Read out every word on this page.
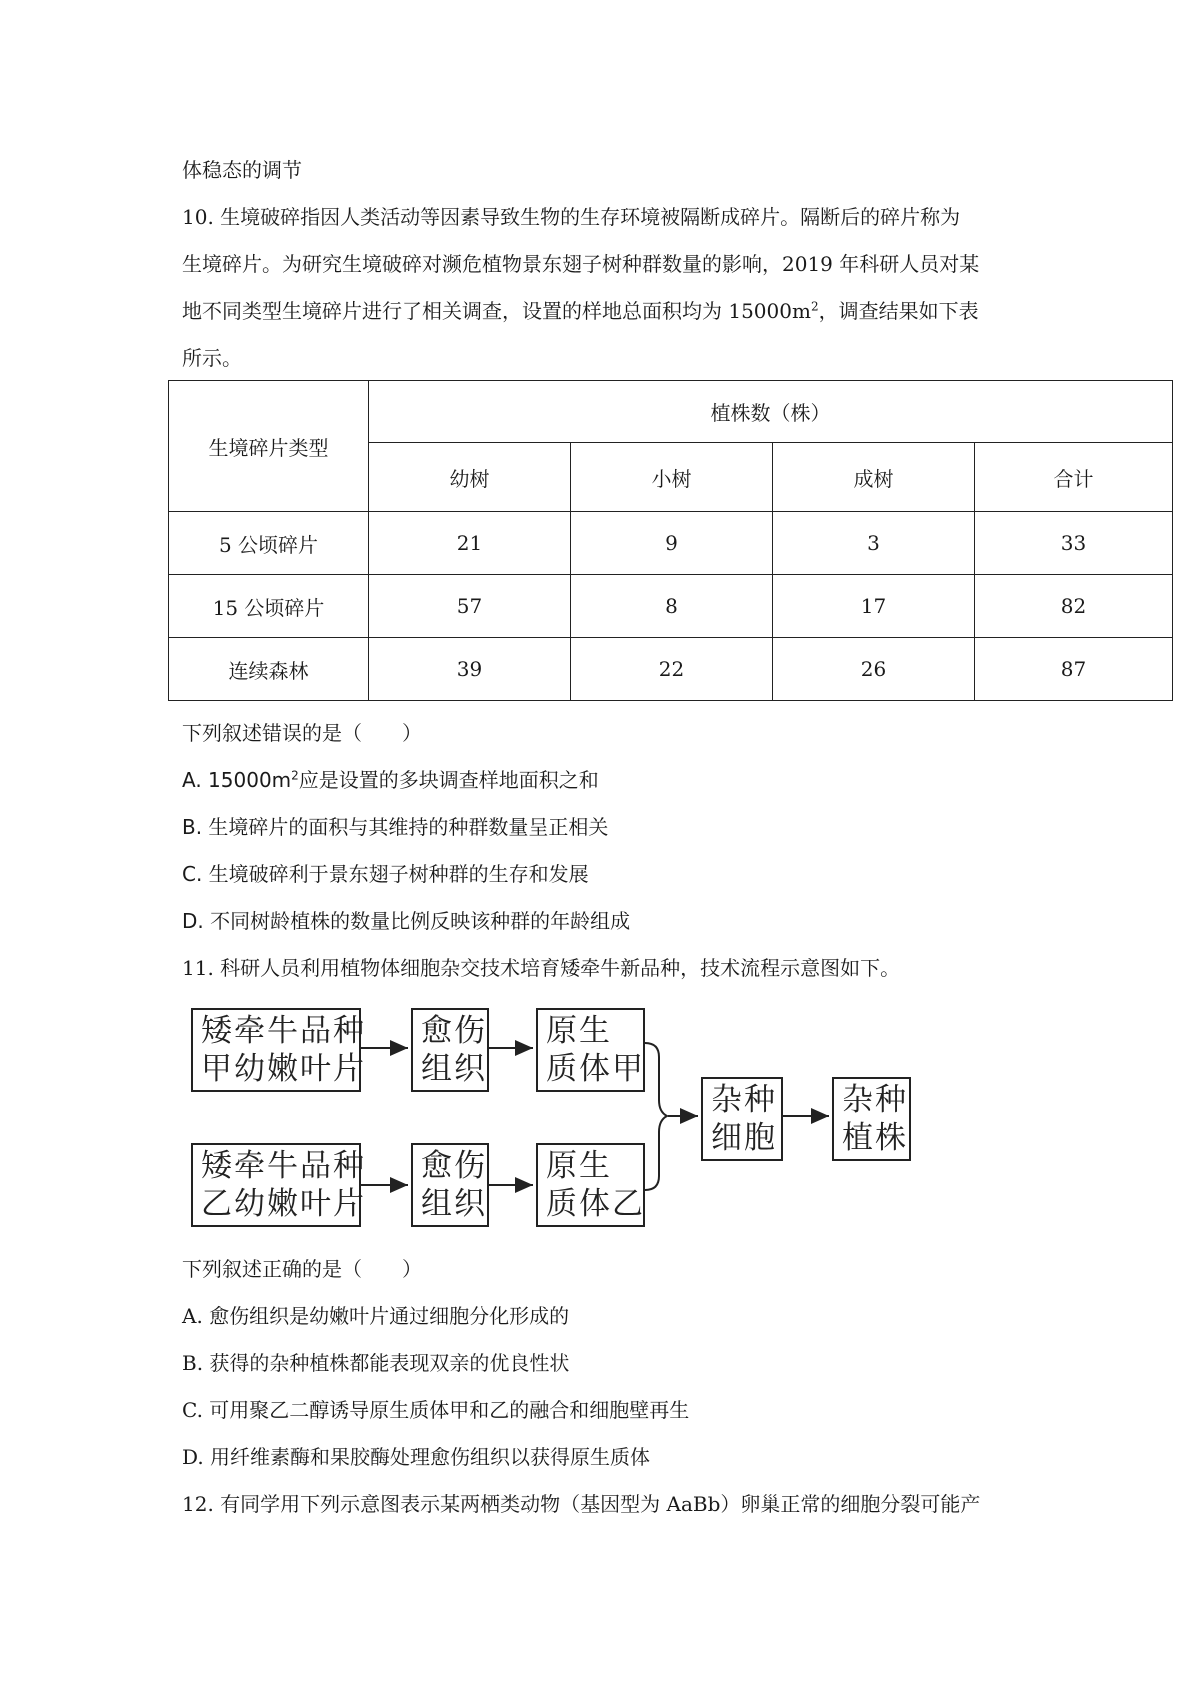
体稳态的调节
10. 生境破碎指因人类活动等因素导致生物的生存环境被隔断成碎片。隔断后的碎片称为
生境碎片。为研究生境破碎对濒危植物景东翅子树种群数量的影响，2019 年科研人员对某
地不同类型生境碎片进行了相关调查，设置的样地总面积均为 $15000m^2$，调查结果如下表
所示。
生境碎片类型	植株数（株）			
	幼树	小树	成树	合计
5 公顷碎片	21	9	3	33
15 公顷碎片	57	8	17	82
连续森林	39	22	26	87
下列叙述错误的是（　　）
A. $15000m^2$应是设置的多块调查样地面积之和
B. 生境碎片的面积与其维持的种群数量呈正相关
C. 生境破碎利于景东翅子树种群的生存和发展
D. 不同树龄植株的数量比例反映该种群的年龄组成
11. 科研人员利用植物体细胞杂交技术培育矮牵牛新品种，技术流程示意图如下。
矮牵牛品种
甲幼嫩叶片
愈伤
组织
原生
质体甲
矮牵牛品种
乙幼嫩叶片
愈伤
组织
原生
质体乙
杂种
细胞
杂种
植株
下列叙述正确的是（　　）
A. 愈伤组织是幼嫩叶片通过细胞分化形成的
B. 获得的杂种植株都能表现双亲的优良性状
C. 可用聚乙二醇诱导原生质体甲和乙的融合和细胞壁再生
D. 用纤维素酶和果胶酶处理愈伤组织以获得原生质体
12. 有同学用下列示意图表示某两栖类动物（基因型为 AaBb）卵巢正常的细胞分裂可能产
